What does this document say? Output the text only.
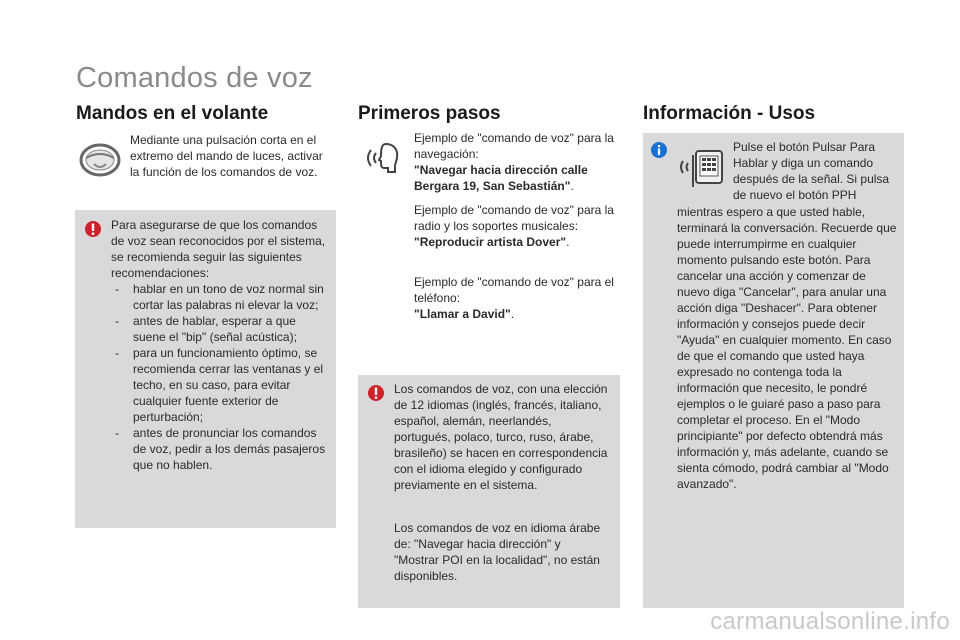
Comandos de voz
Mandos en el volante
Mediante una pulsación corta en el extremo del mando de luces, activar la función de los comandos de voz.
Para asegurarse de que los comandos de voz sean reconocidos por el sistema, se recomienda seguir las siguientes recomendaciones:
- hablar en un tono de voz normal sin cortar las palabras ni elevar la voz;
- antes de hablar, esperar a que suene el "bip" (señal acústica);
- para un funcionamiento óptimo, se recomienda cerrar las ventanas y el techo, en su caso, para evitar cualquier fuente exterior de perturbación;
- antes de pronunciar los comandos de voz, pedir a los demás pasajeros que no hablen.
Primeros pasos
Ejemplo de "comando de voz" para la navegación:
"Navegar hacia dirección calle Bergara 19, San Sebastián".
Ejemplo de "comando de voz" para la radio y los soportes musicales:
"Reproducir artista Dover".
Ejemplo de "comando de voz" para el teléfono:
"Llamar a David".
Los comandos de voz, con una elección de 12 idiomas (inglés, francés, italiano, español, alemán, neerlandés, portugués, polaco, turco, ruso, árabe, brasileño) se hacen en correspondencia con el idioma elegido y configurado previamente en el sistema.
Los comandos de voz en idioma árabe de: "Navegar hacia dirección" y "Mostrar POI en la localidad", no están disponibles.
Información - Usos
Pulse el botón Pulsar Para Hablar y diga un comando después de la señal. Si pulsa de nuevo el botón PPH
mientras espero a que usted hable, terminará la conversación. Recuerde que puede interrumpirme en cualquier momento pulsando este botón. Para cancelar una acción y comenzar de nuevo diga "Cancelar", para anular una acción diga "Deshacer". Para obtener información y consejos puede decir "Ayuda" en cualquier momento. En caso de que el comando que usted haya expresado no contenga toda la información que necesito, le pondré ejemplos o le guiaré paso a paso para completar el proceso. En el "Modo principiante" por defecto obtendrá más información y, más adelante, cuando se sienta cómodo, podrá cambiar al "Modo avanzado".
carmanualsonline.info
